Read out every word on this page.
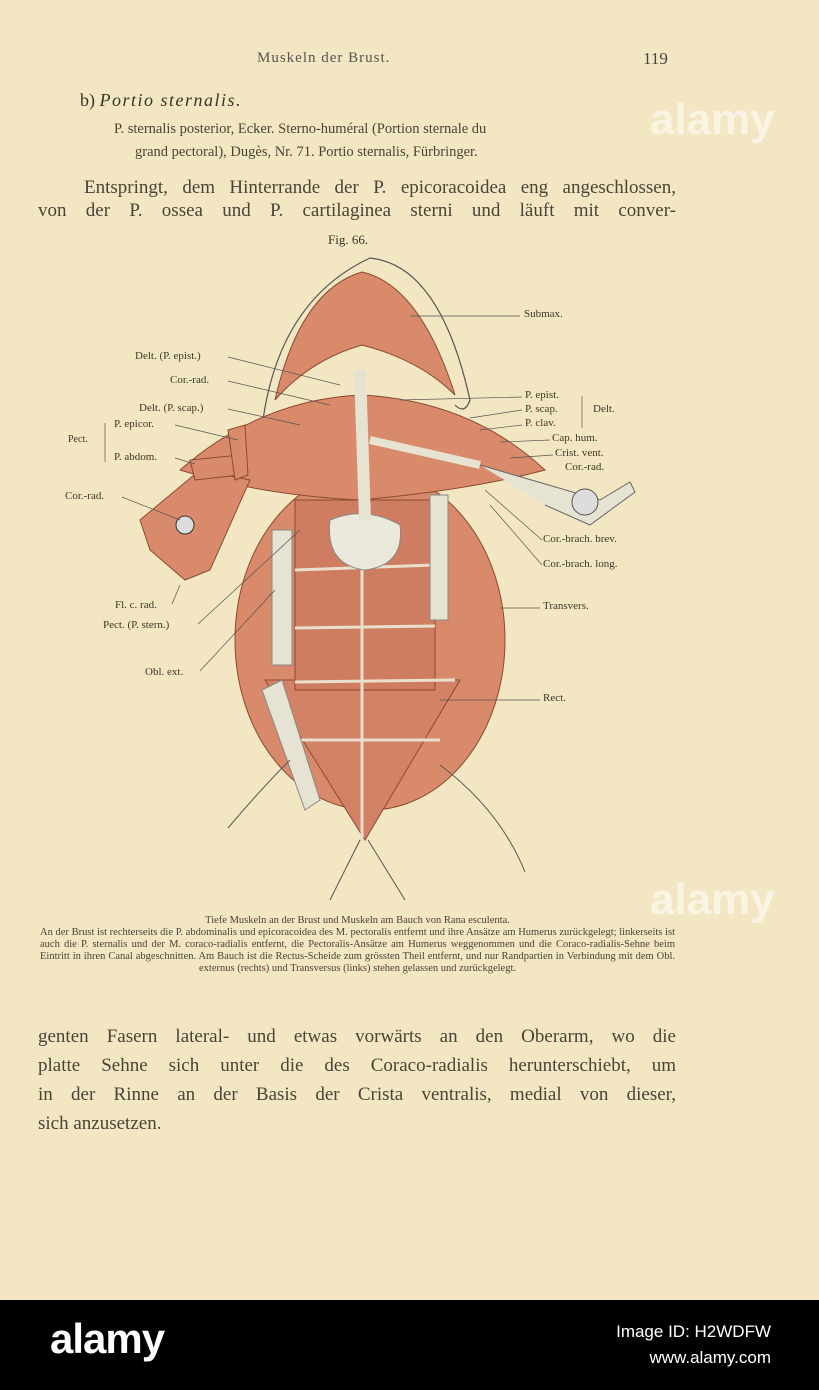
Muskeln der Brust.	119
b) Portio sternalis.
P. sternalis posterior, Ecker. Sterno-huméral (Portion sternale du
grand pectoral), Dugès, Nr. 71. Portio sternalis, Fürbringer.
Entspringt, dem Hinterrande der P. epicoracoidea eng angeschlossen,
von der P. ossea und P. cartilaginea sterni und läuft mit conver-
Fig. 66.
Delt. (P. epist.)
Cor.-rad.
Delt. (P. scap.)
P. epicor.
Pect.
P. abdom.
Cor.-rad.
Fl. c. rad.
Pect. (P. stern.)
Obl. ext.
Submax.
P. epist.
P. scap.
P. clav.
Delt.
Cap. hum.
Crist. vent.
Cor.-rad.
Cor.-brach. brev.
Cor.-brach. long.
Transvers.
Rect.
Tiefe Muskeln an der Brust und Muskeln am Bauch von Rana esculenta.
An der Brust ist rechterseits die P. abdominalis und epicoracoidea des M. pectoralis entfernt und ihre Ansätze am Humerus zurückgelegt; linkerseits ist auch die P. sternalis und der M. coraco-radialis entfernt, die Pectoralis-Ansätze am Humerus weggenommen und die Coraco-radialis-Sehne beim Eintritt in ihren Canal abgeschnitten. Am Bauch ist die Rectus-Scheide zum grössten Theil entfernt, und nur Randpartien in Verbindung mit dem Obl. externus (rechts) und Transversus (links) stehen gelassen und zurückgelegt.
genten Fasern lateral- und etwas vorwärts an den Oberarm, wo die
platte Sehne sich unter die des Coraco-radialis herunterschiebt, um
in der Rinne an der Basis der Crista ventralis, medial von dieser,
sich anzusetzen.
alamy
alamy
alamy	Image ID: H2WDFW
www.alamy.com
